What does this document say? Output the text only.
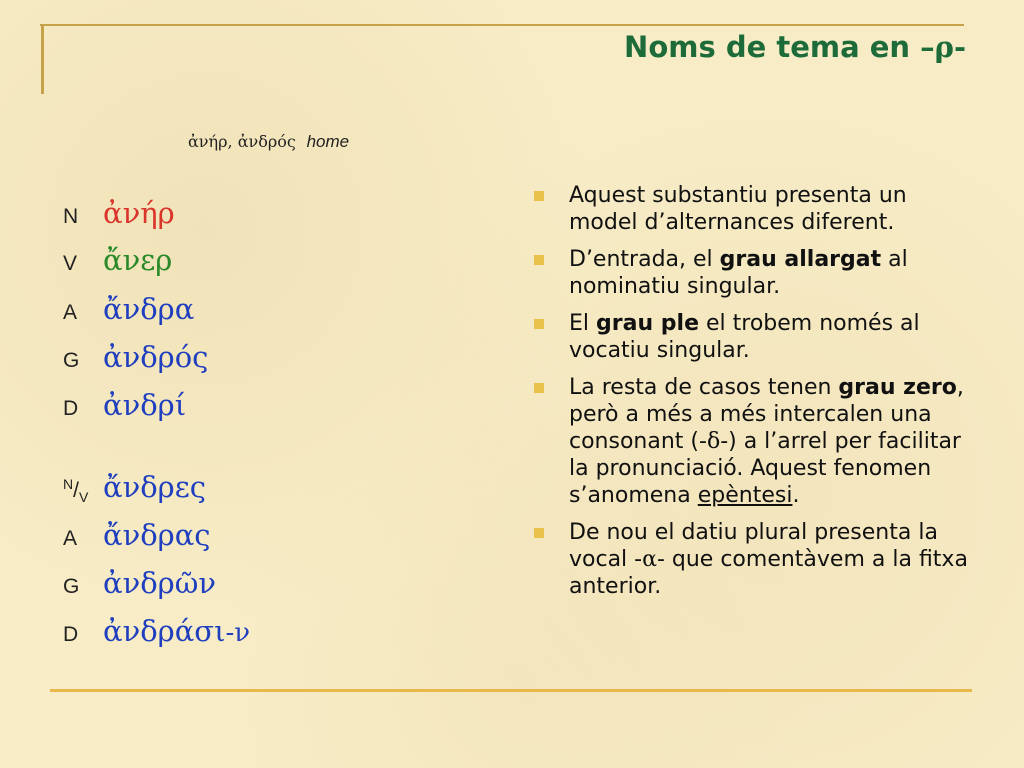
Noms de tema en –ρ-
ἀνήρ, ἀνδρός home
N ἀνήρ
V ἄνερ
A ἄνδρα
G ἀνδρός
D ἀνδρί
$^N/_V$ ἄνδρες
A ἄνδρας
G ἀνδρῶν
D ἀνδράσι-ν
Aquest substantiu presenta un model d’alternances diferent.
D’entrada, el grau allargat al nominatiu singular.
El grau ple el trobem només al vocatiu singular.
La resta de casos tenen grau zero, però a més a més intercalen una consonant (-δ-) a l’arrel per facilitar la pronunciació. Aquest fenomen s’anomena epèntesi.
De nou el datiu plural presenta la vocal -α- que comentàvem a la fitxa anterior.
